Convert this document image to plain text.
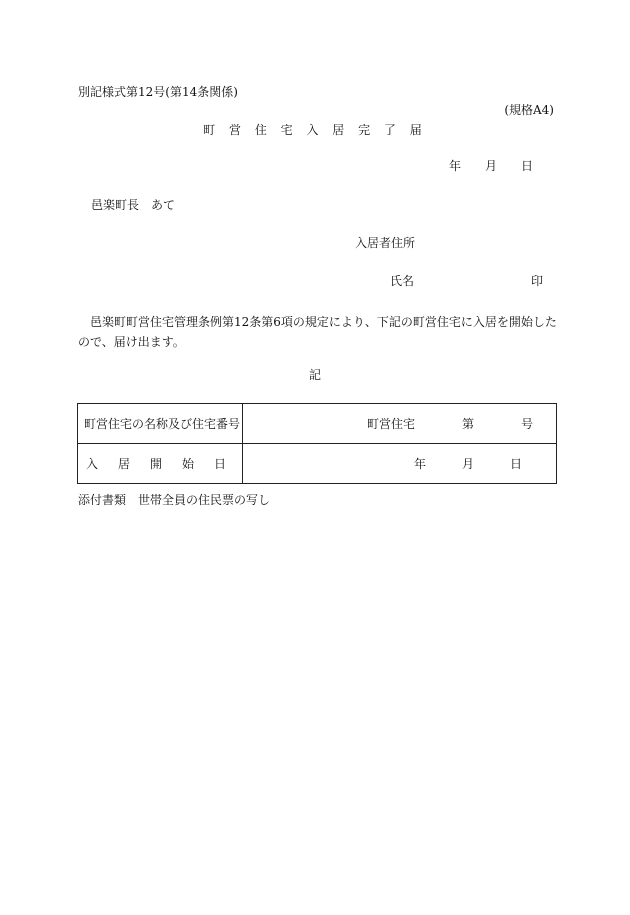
別記様式第12号(第14条関係)
(規格A4)
町 営 住 宅 入 居 完 了 届
年 月 日
邑楽町長　あて
入居者住所
氏名	印
邑楽町町営住宅管理条例第12条第6項の規定により、下記の町営住宅に入居を開始したので、届け出ます。
記
町営住宅の名称及び住宅番号	町営住宅 第 号

入 居 開 始 日	年 月 日
添付書類　世帯全員の住民票の写し
